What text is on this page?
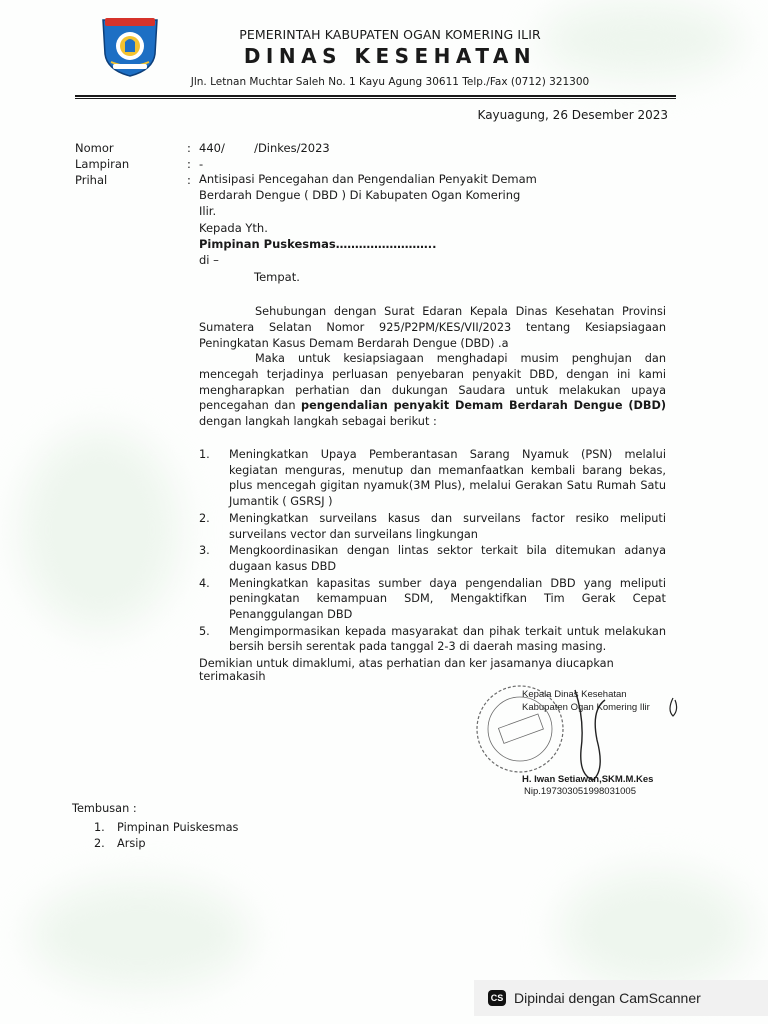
PEMERINTAH KABUPATEN OGAN KOMERING ILIR
DINAS KESEHATAN
Jln. Letnan Muchtar Saleh No. 1 Kayu Agung 30611 Telp./Fax (0712) 321300
Kayuagung, 26 Desember 2023
Nomor	: 440/        /Dinkes/2023
Lampiran	: -
Prihal	: Antisipasi Pencegahan dan Pengendalian Penyakit Demam Berdarah Dengue ( DBD ) Di Kabupaten Ogan Komering Ilir.
Kepada Yth.
Pimpinan Puskesmas……………………..
di –
Tempat.
Sehubungan dengan Surat Edaran Kepala Dinas Kesehatan Provinsi Sumatera Selatan Nomor 925/P2PM/KES/VII/2023 tentang Kesiapsiagaan Peningkatan Kasus Demam Berdarah Dengue (DBD) .a
Maka untuk kesiapsiagaan menghadapi musim penghujan dan mencegah terjadinya perluasan penyebaran penyakit DBD, dengan ini kami mengharapkan perhatian dan dukungan Saudara untuk melakukan upaya pencegahan dan pengendalian penyakit Demam Berdarah Dengue (DBD) dengan langkah langkah sebagai berikut :
1.	Meningkatkan Upaya Pemberantasan Sarang Nyamuk (PSN) melalui kegiatan menguras, menutup dan memanfaatkan kembali barang bekas, plus mencegah gigitan nyamuk(3M Plus), melalui Gerakan Satu Rumah Satu Jumantik ( GSRSJ )
2.	Meningkatkan surveilans kasus dan surveilans factor resiko meliputi surveilans vector dan surveilans lingkungan
3.	Mengkoordinasikan dengan lintas sektor terkait bila ditemukan adanya dugaan kasus DBD
4.	Meningkatkan kapasitas sumber daya pengendalian DBD yang meliputi peningkatan kemampuan SDM, Mengaktifkan Tim Gerak Cepat Penanggulangan DBD
5.	Mengimpormasikan kepada masyarakat dan pihak terkait untuk melakukan bersih bersih serentak pada tanggal 2-3 di daerah masing masing.
Demikian untuk dimaklumi, atas perhatian dan ker jasamanya diucapkan terimakasih
Kepala Dinas Kesehatan
Kabupaten Ogan Komering Ilir
H. Iwan Setiawan,SKM.M.Kes
Nip.197303051998031005
Tembusan :
1.	Pimpinan Puiskesmas
2.	Arsip
CS Dipindai dengan CamScanner
